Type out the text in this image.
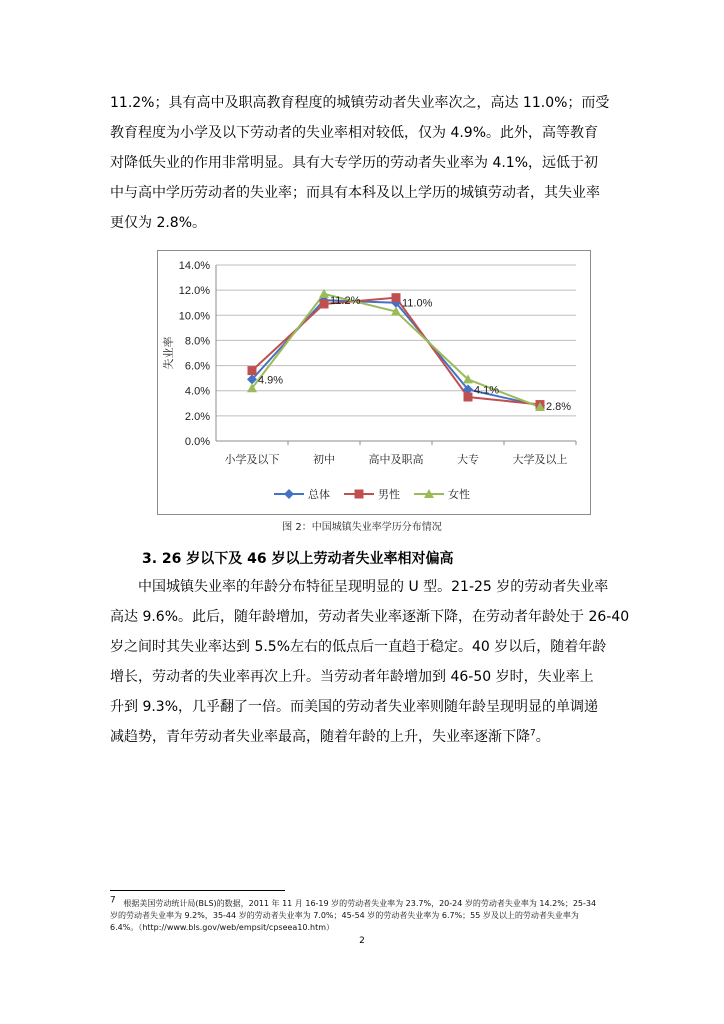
11.2%；具有高中及职高教育程度的城镇劳动者失业率次之，高达 11.0%；而受
教育程度为小学及以下劳动者的失业率相对较低，仅为 4.9%。此外，高等教育
对降低失业的作用非常明显。具有大专学历的劳动者失业率为 4.1%，远低于初
中与高中学历劳动者的失业率；而具有本科及以上学历的城镇劳动者，其失业率
更仅为 2.8%。
0.0%
2.0%
4.0%
6.0%
8.0%
10.0%
12.0%
14.0%
小学及以下	初中	高中及职高	大专	大学及以上
失业率
4.9%
11.2%	11.0%
4.1%
2.8%
总体	男性	女性
图 2：中国城镇失业率学历分布情况
3. 26 岁以下及 46 岁以上劳动者失业率相对偏高
中国城镇失业率的年龄分布特征呈现明显的 U 型。21-25 岁的劳动者失业率
高达 9.6%。此后，随年龄增加，劳动者失业率逐渐下降，在劳动者年龄处于 26-40
岁之间时其失业率达到 5.5%左右的低点后一直趋于稳定。40 岁以后，随着年龄
增长，劳动者的失业率再次上升。当劳动者年龄增加到 46-50 岁时，失业率上
升到 9.3%，几乎翻了一倍。而美国的劳动者失业率则随年龄呈现明显的单调递
减趋势，青年劳动者失业率最高，随着年龄的上升，失业率逐渐下降$^7$。
$^7$ 根据美国劳动统计局(BLS)的数据，2011 年 11 月 16-19 岁的劳动者失业率为 23.7%，20-24 岁的劳动者失业率为 14.2%；25-34
岁的劳动者失业率为 9.2%，35-44 岁的劳动者失业率为 7.0%；45-54 岁的劳动者失业率为 6.7%；55 岁及以上的劳动者失业率为
6.4%。（http://www.bls.gov/web/empsit/cpseea10.htm）
2
